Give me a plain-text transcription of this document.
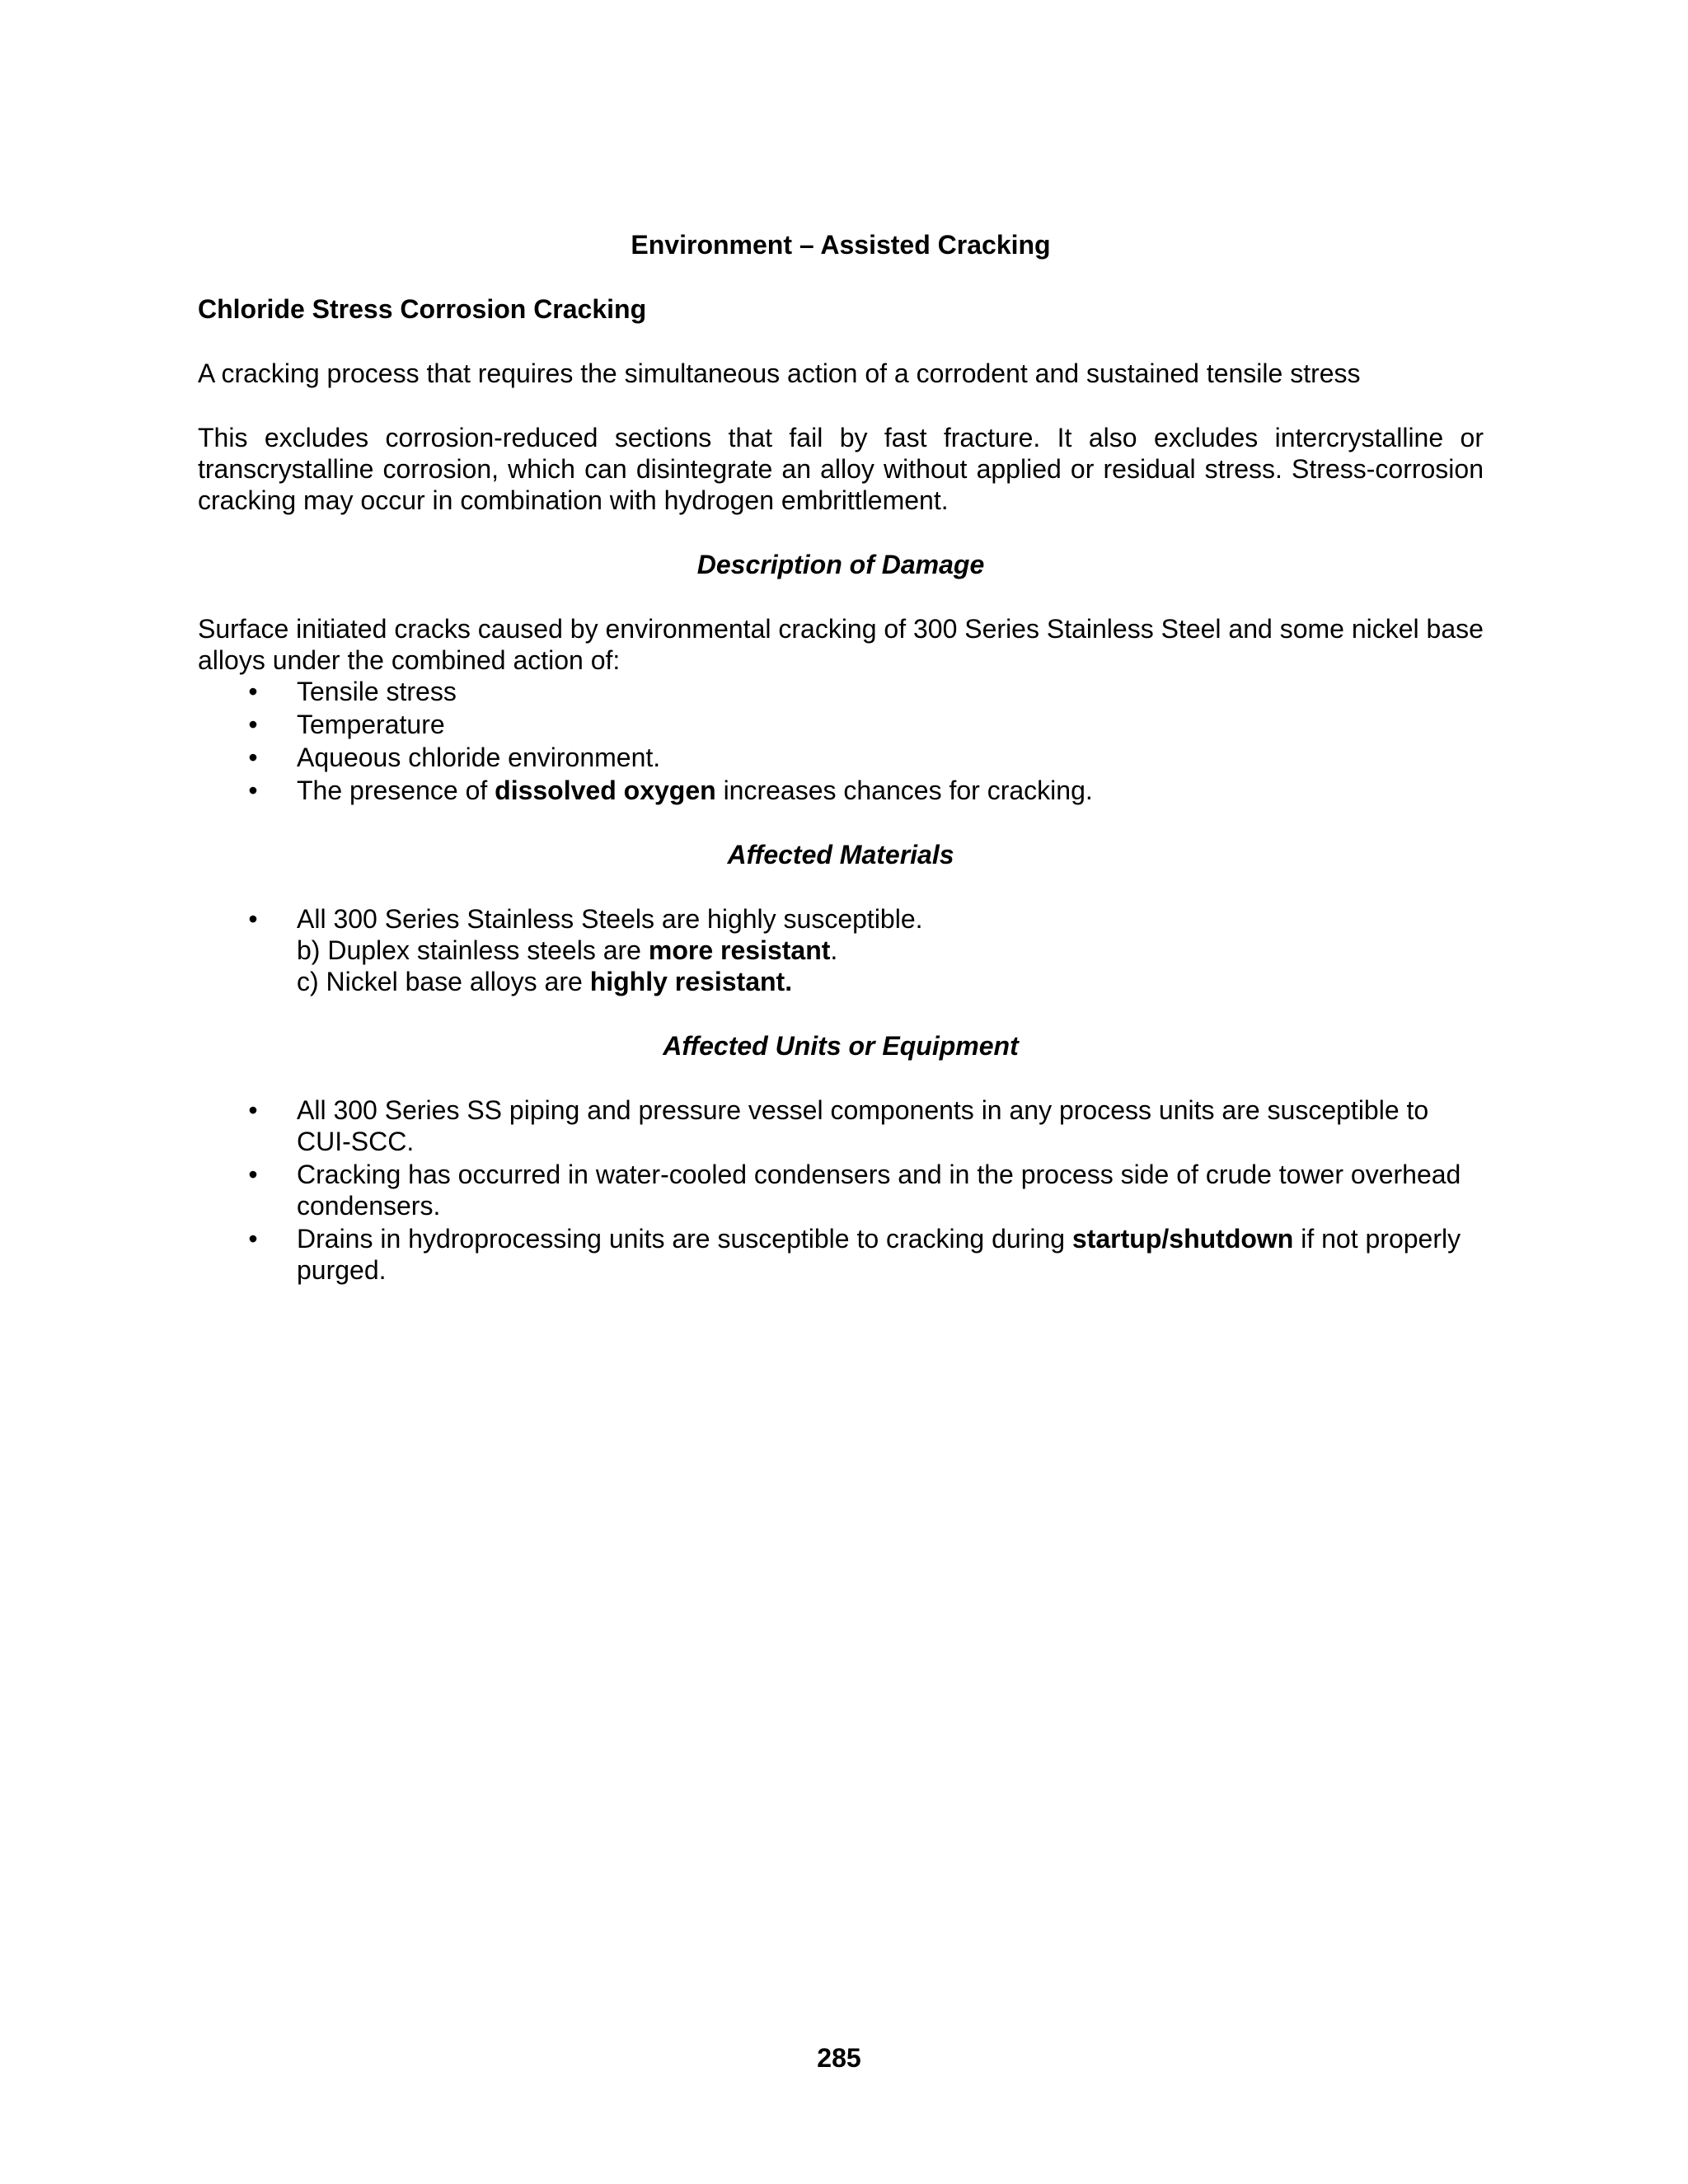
Environment – Assisted Cracking

Chloride Stress Corrosion Cracking

A cracking process that requires the simultaneous action of a corrodent and sustained tensile stress

This excludes corrosion-reduced sections that fail by fast fracture. It also excludes intercrystalline or transcrystalline corrosion, which can disintegrate an alloy without applied or residual stress. Stress-corrosion cracking may occur in combination with hydrogen embrittlement.

Description of Damage

Surface initiated cracks caused by environmental cracking of 300 Series Stainless Steel and some nickel base alloys under the combined action of:

• Tensile stress
• Temperature
• Aqueous chloride environment.
• The presence of dissolved oxygen increases chances for cracking.

Affected Materials

• All 300 Series Stainless Steels are highly susceptible.
b) Duplex stainless steels are more resistant.
c) Nickel base alloys are highly resistant.

Affected Units or Equipment

• All 300 Series SS piping and pressure vessel components in any process units are susceptible to CUI-SCC.
• Cracking has occurred in water-cooled condensers and in the process side of crude tower overhead condensers.
• Drains in hydroprocessing units are susceptible to cracking during startup/shutdown if not properly purged.
285
